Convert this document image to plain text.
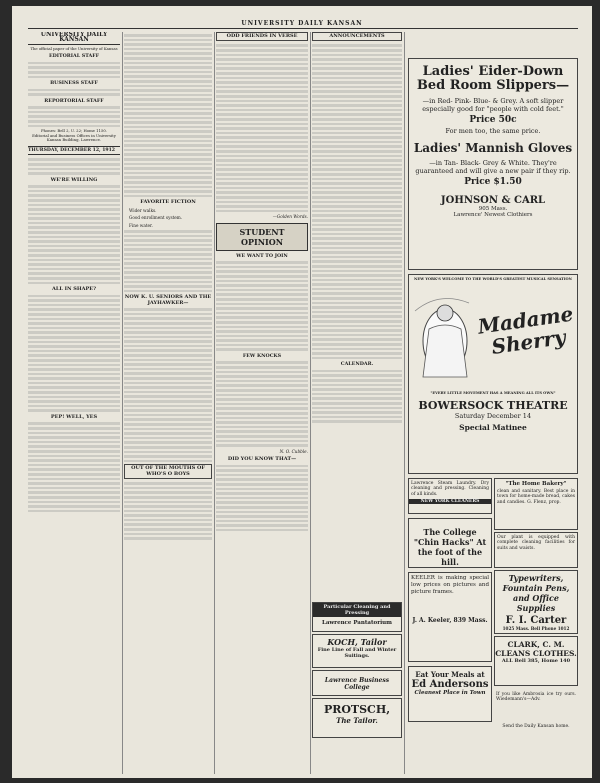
UNIVERSITY DAILY KANSAN
UNIVERSITY DAILY KANSAN
The official paper of the University of Kansas
EDITORIAL STAFF
BUSINESS STAFF
REPORTORIAL STAFF
Phones: Bell 2, U. 22; Home 1150.
Editorial and Business Offices in University Kansan Building, Lawrence.
THURSDAY, DECEMBER 12, 1912
WE'RE WILLING
ALL IN SHAPE?
PEP! WELL, YES
FAVORITE FICTION
Wider walks.
Good enrollment system.
Fine water.
NOW K. U. SENIORS AND THE JAYHAWKER—
OUT OF THE MOUTHS OF WHO'S O BOYS
ODD FRIENDS IN VERSE
—Golden Words.
STUDENT
OPINION
WE WANT TO JOIN
FEW KNOCKS
N. O. Cubble.
DID YOU KNOW THAT—
ANNOUNCEMENTS
CALENDAR.
Particular Cleaning and Pressing
Lawrence Pantatorium
KOCH, Tailor
Fine Line of Fall and Winter Suitings.
Lawrence Business College
PROTSCH,
The Tailor.
Ladies' Eider-Down Bed Room Slippers—
—in Red- Pink- Blue- & Grey. A soft slipper especially good for "people with cold feet."
Price 50c
For men too, the same price.
Ladies' Mannish Gloves
—in Tan- Black- Grey & White. They're guaranteed and will give a new pair if they rip.
Price $1.50
JOHNSON & CARL
905 Mass.
Lawrence' Newest Clothiers
NEW YORK'S WELCOME TO THE WORLD'S GREATEST MUSICAL SENSATION
Madame Sherry
"EVERY LITTLE MOVEMENT HAS A MEANING ALL ITS OWN"
BOWERSOCK THEATRE
Saturday December 14
Special Matinee
Lawrence Steam Laundry. Dry cleaning and pressing. Cleaning of all kinds.
NEW YORK CLEANERS
"The Home Bakery"
clean and sanitary. Best place in town for home-made bread, cakes and candies. G. Flenz, prop.
Our plant is equipped with complete cleaning facilities for suits and waists.
The College "Chin Hacks" At the foot of the hill.
Typewriters, Fountain Pens, and Office Supplies
F. I. Carter
1025 Mass. Bell Phone 1012
KEELER is making special low prices on pictures and picture frames.
J. A. Keeler, 839 Mass.
CLARK, C. M. CLEANS CLOTHES.
ALL Bell 385, Home 140
Eat Your Meals at
Ed Andersons
Cleanest Place in Town	If you like Ambrosia ice try ours. Wiedemann's—Adv.
Send the Daily Kansan home.
